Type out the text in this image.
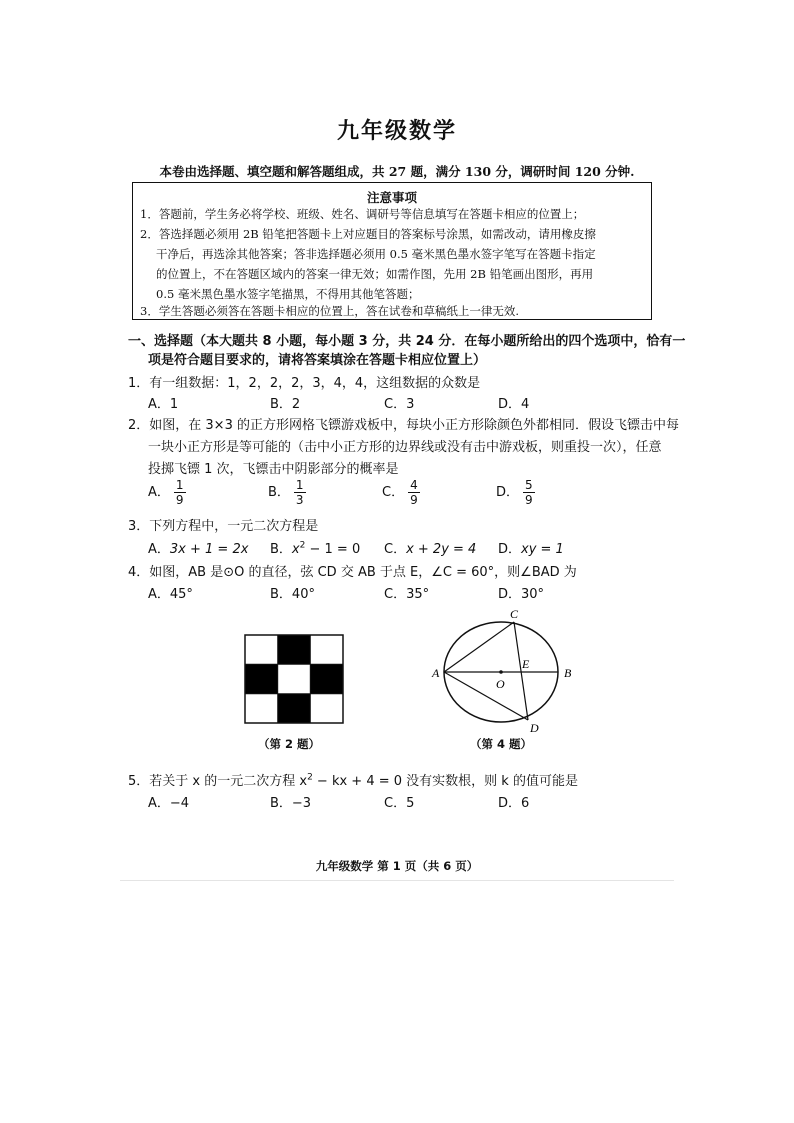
九年级数学
本卷由选择题、填空题和解答题组成，共 27 题，满分 130 分，调研时间 120 分钟.
注意事项
1．答题前，学生务必将学校、班级、姓名、调研号等信息填写在答题卡相应的位置上；
2．答选择题必须用 2B 铅笔把答题卡上对应题目的答案标号涂黑，如需改动，请用橡皮擦
干净后，再选涂其他答案；答非选择题必须用 0.5 毫米黑色墨水签字笔写在答题卡指定
的位置上，不在答题区域内的答案一律无效；如需作图，先用 2B 铅笔画出图形，再用
0.5 毫米黑色墨水签字笔描黑，不得用其他笔答题；
3．学生答题必须答在答题卡相应的位置上，答在试卷和草稿纸上一律无效.
一、选择题（本大题共 8 小题，每小题 3 分，共 24 分．在每小题所给出的四个选项中，恰有一
项是符合题目要求的，请将答案填涂在答题卡相应位置上）
1．有一组数据：1，2，2，2，3，4，4，这组数据的众数是
A．1	B．2	C．3	D．4
2．如图，在 3×3 的正方形网格飞镖游戏板中，每块小正方形除颜色外都相同．假设飞镖击中每
一块小正方形是等可能的（击中小正方形的边界线或没有击中游戏板，则重投一次），任意
投掷飞镖 1 次，飞镖击中阴影部分的概率是
A． $\frac{1}{9}$	B． $\frac{1}{3}$	C． $\frac{4}{9}$	D． $\frac{5}{9}$
3．下列方程中，一元二次方程是
A．3x + 1 = 2x B．$x^2 - 1 = 0$ C．x + 2y = 4 D．xy = 1
4．如图，AB 是⊙O 的直径，弦 CD 交 AB 于点 E，∠C = 60°，则∠BAD 为
A．45°	B．40°	C．35°	D．30°
（第 2 题）
A	B
C
D
E
O
（第 4 题）
5．若关于 x 的一元二次方程 $x^2$ − kx + 4 = 0 没有实数根，则 k 的值可能是
A．−4	B．−3	C．5	D．6
九年级数学 第 1 页（共 6 页）
